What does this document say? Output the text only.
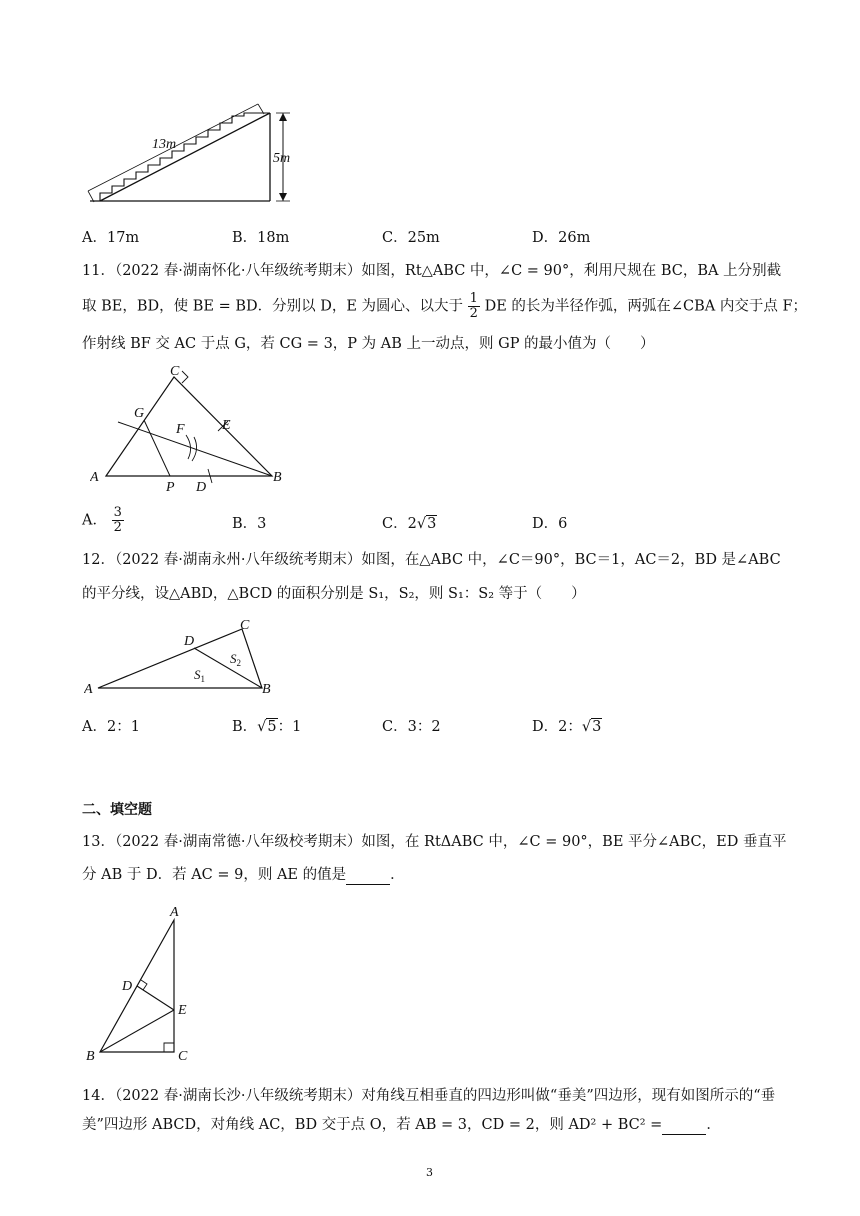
13m
5m
A．17m	B．18m	C．25m	D．26m
11．（2022 春·湖南怀化·八年级统考期末）如图，Rt△ABC 中，∠C = 90°，利用尺规在 BC，BA 上分别截
取 BE，BD，使 BE = BD．分别以 D，E 为圆心、以大于 $\frac{1}{2}$ DE 的长为半径作弧，两弧在∠CBA 内交于点 F；
作射线 BF 交 AC 于点 G，若 CG = 3，P 为 AB 上一动点，则 GP 的最小值为（　　）
A	B
C
G
F	E
P D
A． $\frac{3}{2}$	B．3	C．2√3	D．6
12．（2022 春·湖南永州·八年级统考期末）如图，在△ABC 中，∠C＝90°，BC＝1，AC＝2，BD 是∠ABC
的平分线，设△ABD，△BCD 的面积分别是 S₁，S₂，则 S₁：S₂ 等于（　　）
A	B
C
D
$S_1$
$S_2$
A．2：1	B．√5：1	C．3：2	D．2：√3
二、填空题
13．（2022 春·湖南常德·八年级校考期末）如图，在 RtΔABC 中，∠C = 90°，BE 平分∠ABC，ED 垂直平
分 AB 于 D．若 AC = 9，则 AE 的值是	．
A
B	C
D
E
14．（2022 春·湖南长沙·八年级统考期末）对角线互相垂直的四边形叫做“垂美”四边形，现有如图所示的“垂
美”四边形 ABCD，对角线 AC，BD 交于点 O，若 AB = 3，CD = 2，则 AD² + BC² =	．
3
